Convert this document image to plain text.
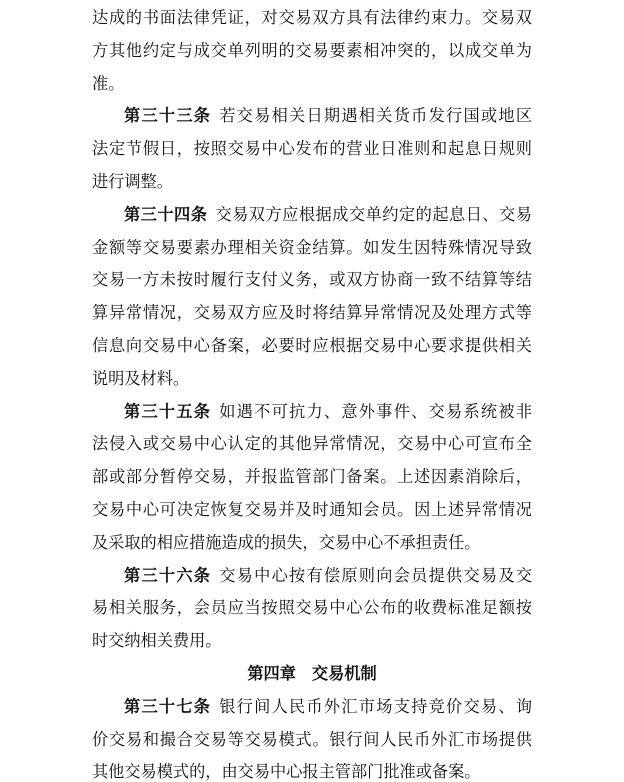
达成的书面法律凭证，对交易双方具有法律约束力。交易双
方其他约定与成交单列明的交易要素相冲突的，以成交单为
准。
第三十三条 若交易相关日期遇相关货币发行国或地区
法定节假日，按照交易中心发布的营业日准则和起息日规则
进行调整。
第三十四条 交易双方应根据成交单约定的起息日、交易
金额等交易要素办理相关资金结算。如发生因特殊情况导致
交易一方未按时履行支付义务，或双方协商一致不结算等结
算异常情况，交易双方应及时将结算异常情况及处理方式等
信息向交易中心备案，必要时应根据交易中心要求提供相关
说明及材料。
第三十五条 如遇不可抗力、意外事件、交易系统被非
法侵入或交易中心认定的其他异常情况，交易中心可宣布全
部或部分暂停交易，并报监管部门备案。上述因素消除后，
交易中心可决定恢复交易并及时通知会员。因上述异常情况
及采取的相应措施造成的损失，交易中心不承担责任。
第三十六条 交易中心按有偿原则向会员提供交易及交
易相关服务，会员应当按照交易中心公布的收费标准足额按
时交纳相关费用。
第四章 交易机制
第三十七条 银行间人民币外汇市场支持竞价交易、询
价交易和撮合交易等交易模式。银行间人民币外汇市场提供
其他交易模式的，由交易中心报主管部门批准或备案。
